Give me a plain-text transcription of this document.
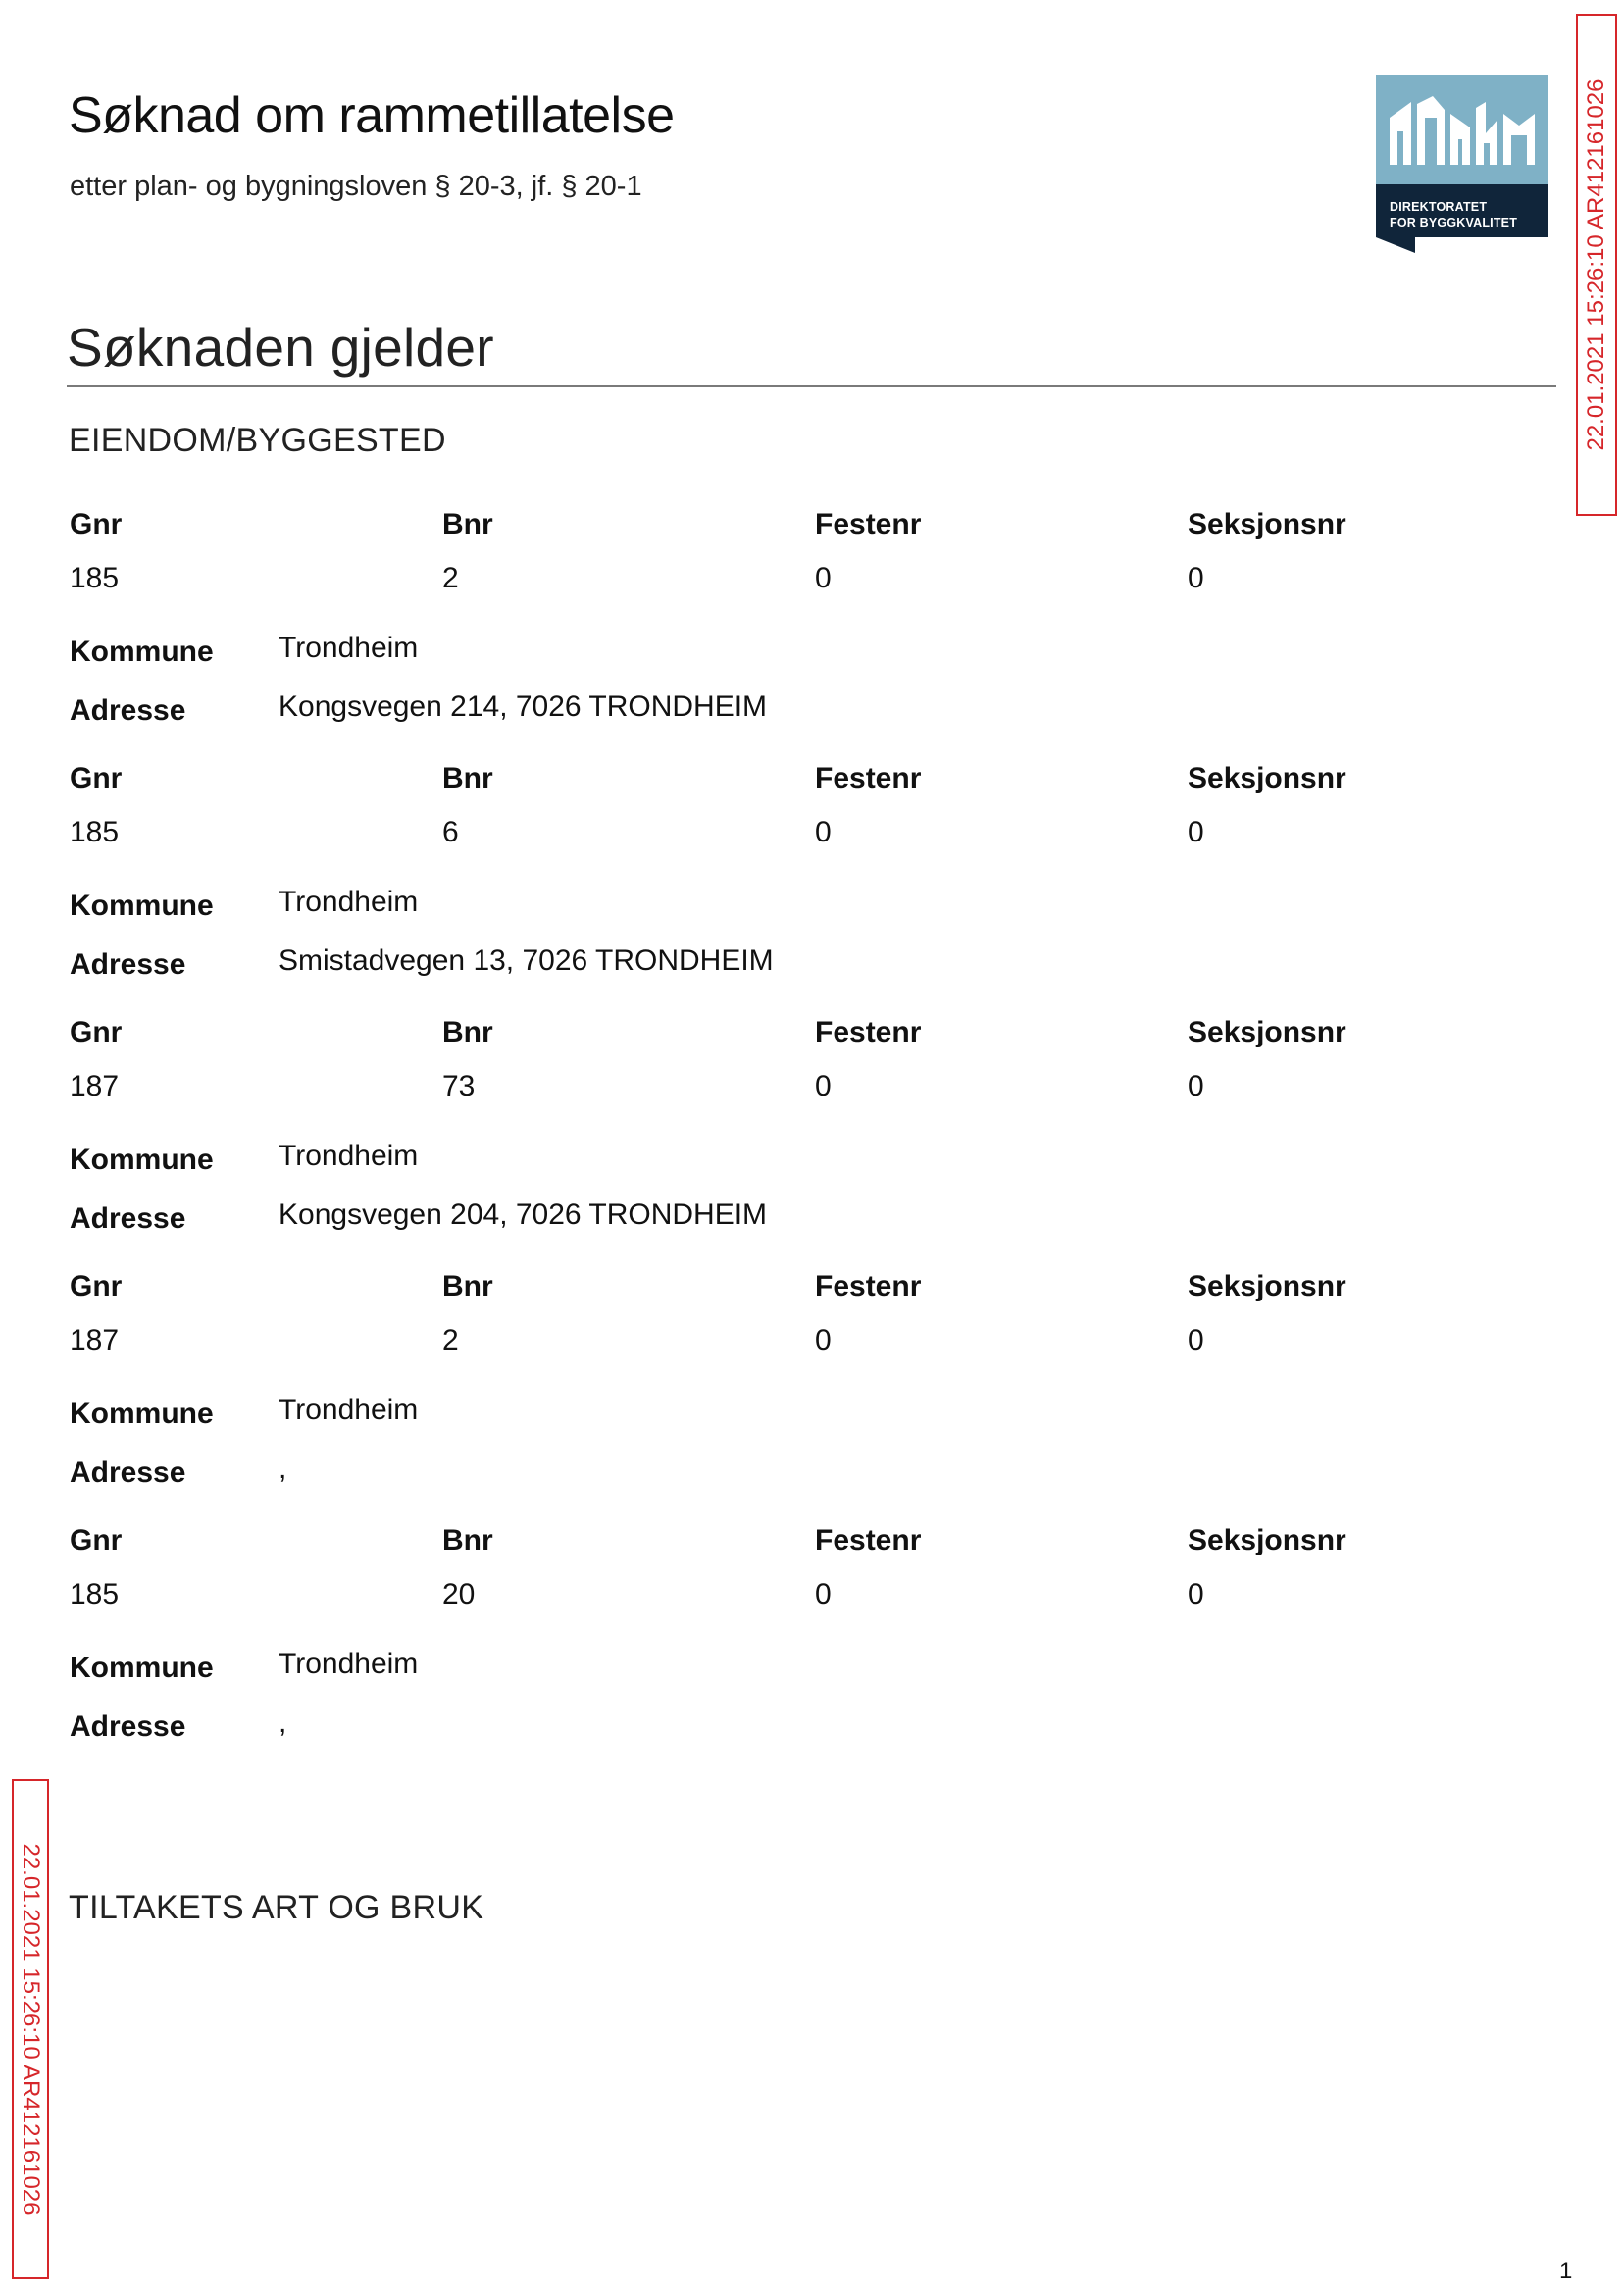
Søknad om rammetillatelse
etter plan- og bygningsloven § 20-3, jf. § 20-1
DIREKTORATET
FOR BYGGKVALITET	22.01.2021 15:26:10 AR412161026
22.01.2021 15:26:10 AR412161026
Søknaden gjelder
EIENDOM/BYGGESTED
Gnr	Bnr	Festenr	Seksjonsnr
185	2	0	0
Kommune Trondheim
Adresse	Kongsvegen 214, 7026 TRONDHEIM
Gnr	Bnr	Festenr	Seksjonsnr
185	6	0	0
Kommune Trondheim
Adresse	Smistadvegen 13, 7026 TRONDHEIM
Gnr	Bnr	Festenr	Seksjonsnr
187	73	0	0
Kommune Trondheim
Adresse	Kongsvegen 204, 7026 TRONDHEIM
Gnr	Bnr	Festenr	Seksjonsnr
187	2	0	0
Kommune Trondheim
Adresse	,
Gnr	Bnr	Festenr	Seksjonsnr
185	20	0	0
Kommune Trondheim
Adresse	,
TILTAKETS ART OG BRUK
1
